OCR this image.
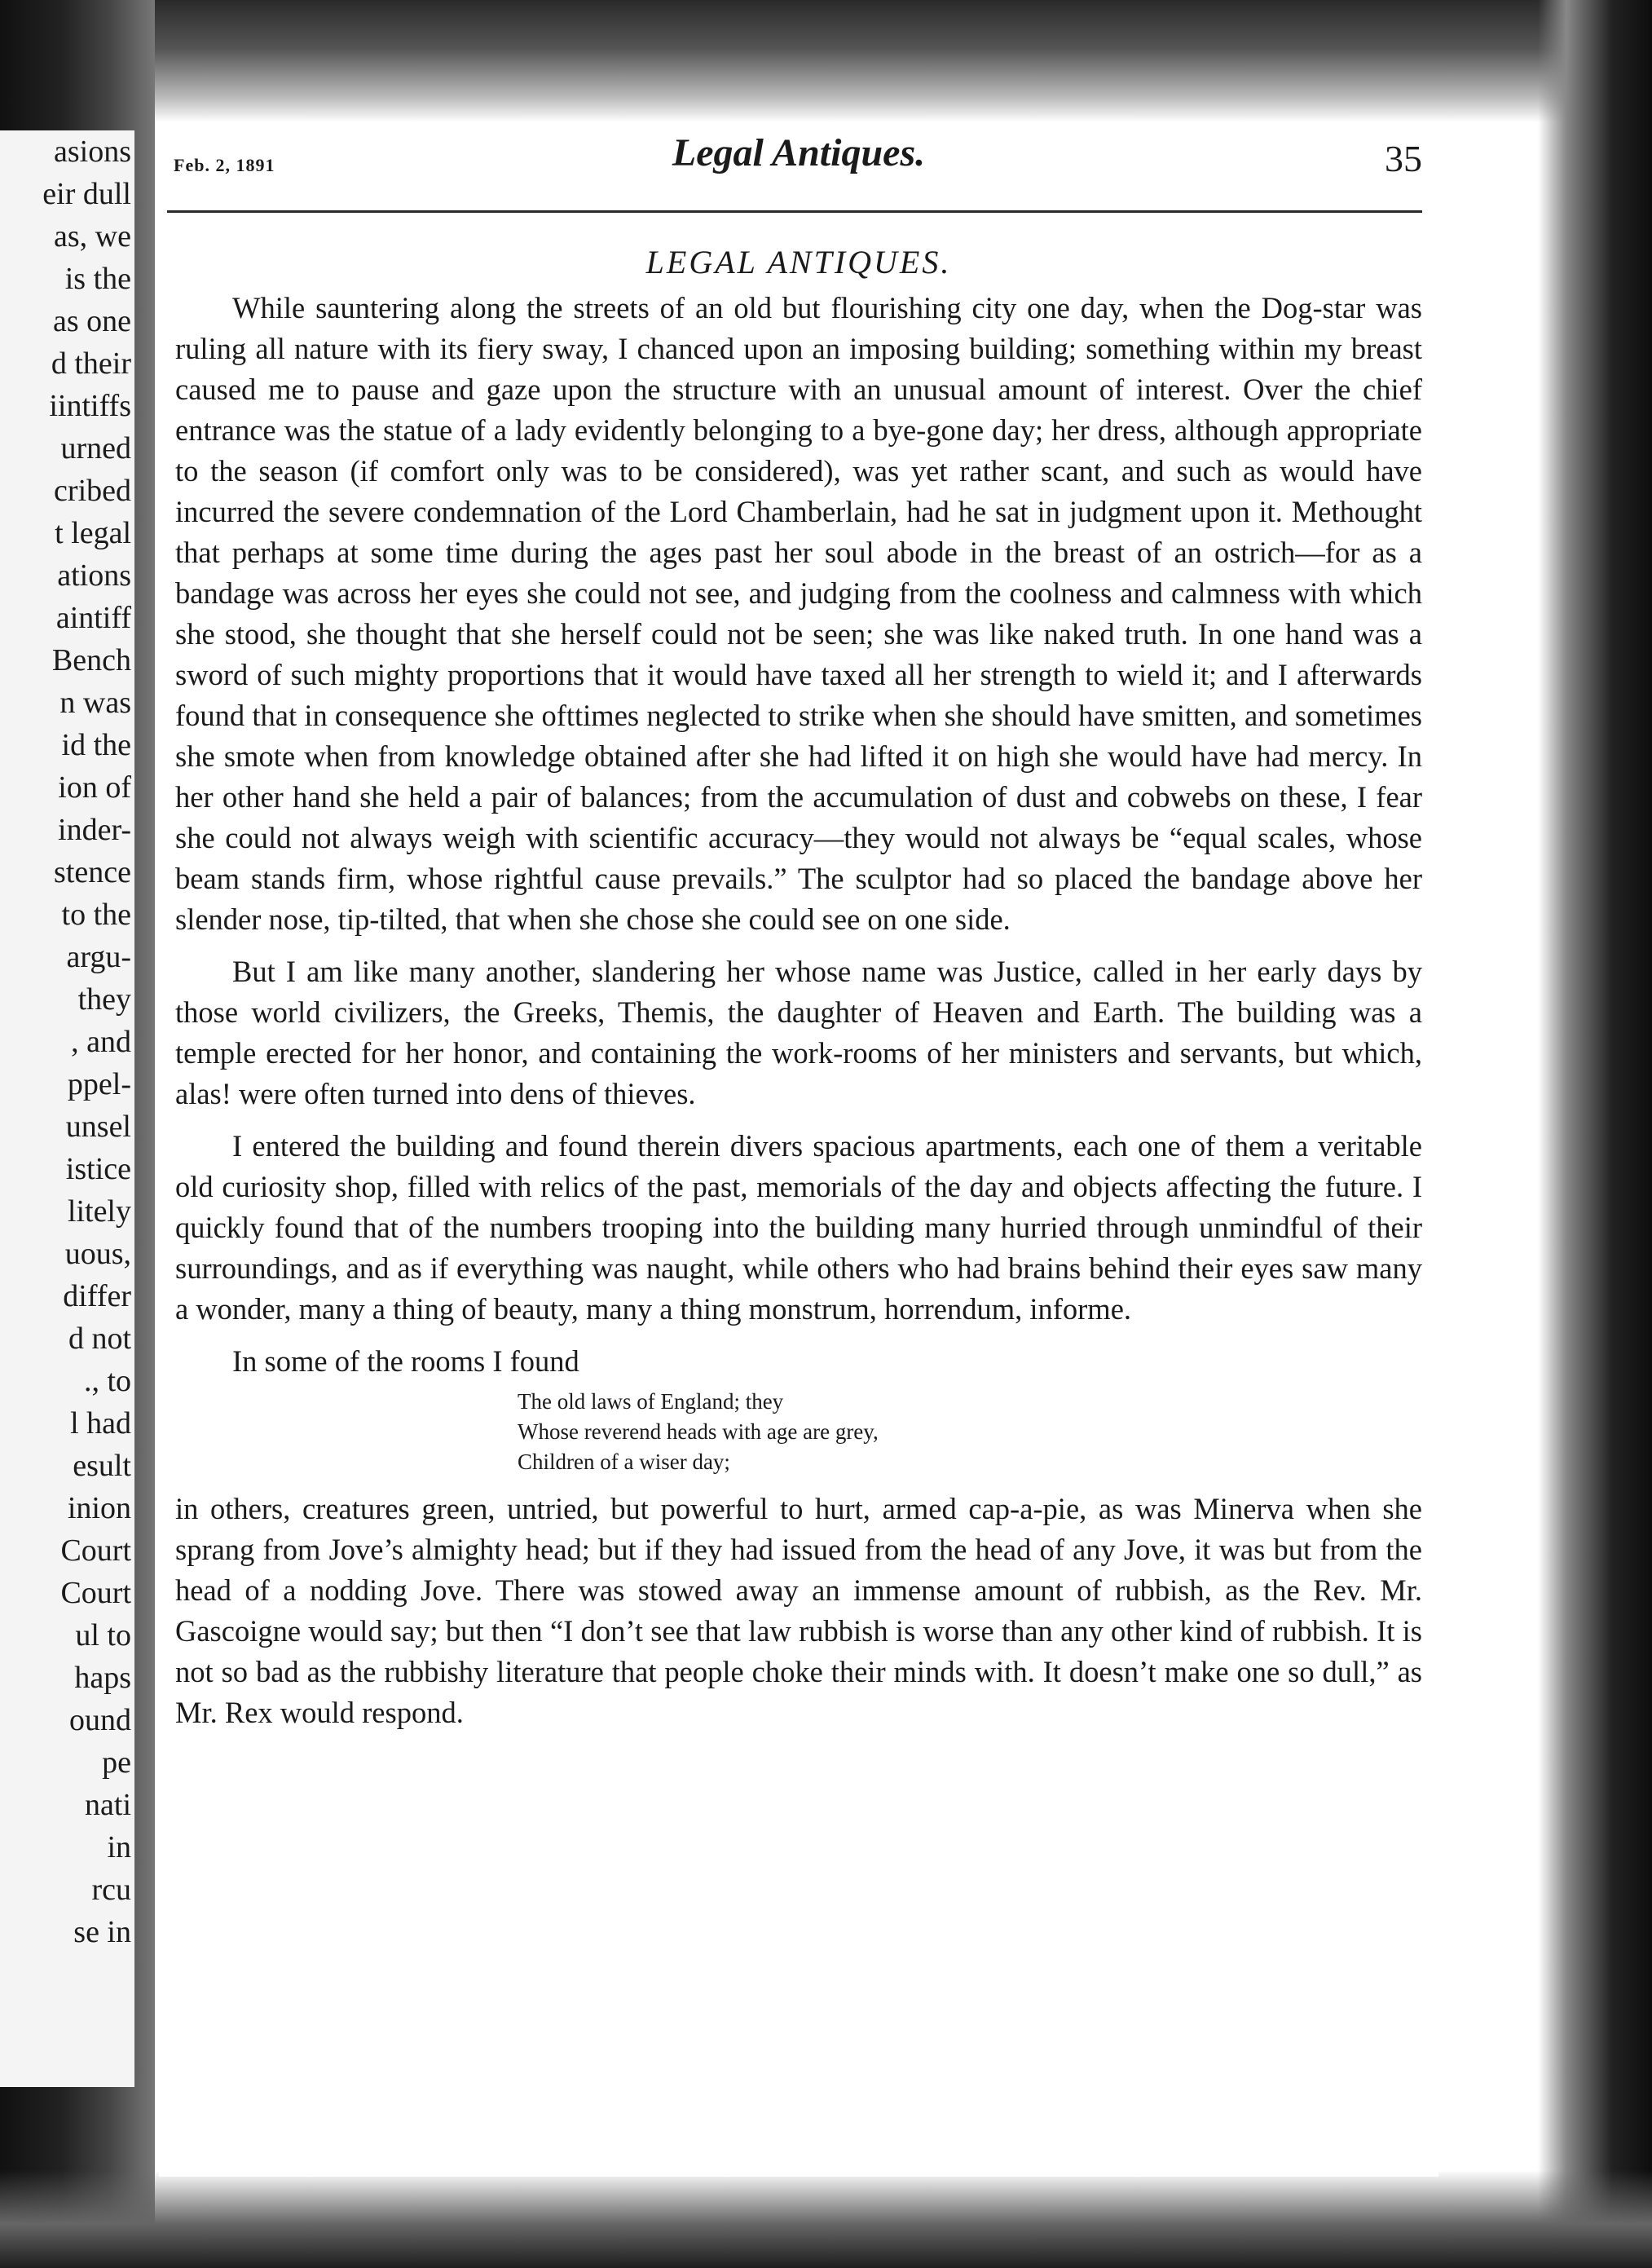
asions
eir dull
as, we
is the
as one
d their
iintiffs
urned
cribed
t legal
ations
aintiff
Bench
n was
id the
ion of
inder-
stence
to the
argu-
they
, and
ppel-
unsel
istice
litely
uous,
differ
d not
., to
l had
esult
inion
Court
Court
ul to
haps
ound
pe
nati
in
rcu
se in
Feb. 2, 1891	Legal Antiques.	35
LEGAL ANTIQUES.

While sauntering along the streets of an old but flourishing city one day, when the Dog-star was ruling all nature with its fiery sway, I chanced upon an imposing building; something within my breast caused me to pause and gaze upon the structure with an unusual amount of interest. Over the chief entrance was the statue of a lady evidently belonging to a bye-gone day; her dress, although appropriate to the season (if comfort only was to be considered), was yet rather scant, and such as would have incurred the severe condemnation of the Lord Chamberlain, had he sat in judgment upon it. Methought that perhaps at some time during the ages past her soul abode in the breast of an ostrich—for as a bandage was across her eyes she could not see, and judging from the coolness and calmness with which she stood, she thought that she herself could not be seen; she was like naked truth. In one hand was a sword of such mighty proportions that it would have taxed all her strength to wield it; and I afterwards found that in consequence she ofttimes neglected to strike when she should have smitten, and sometimes she smote when from knowledge obtained after she had lifted it on high she would have had mercy. In her other hand she held a pair of balances; from the accumulation of dust and cobwebs on these, I fear she could not always weigh with scientific accuracy—they would not always be “equal scales, whose beam stands firm, whose rightful cause prevails.” The sculptor had so placed the bandage above her slender nose, tip-tilted, that when she chose she could see on one side.

But I am like many another, slandering her whose name was Justice, called in her early days by those world civilizers, the Greeks, Themis, the daughter of Heaven and Earth. The building was a temple erected for her honor, and containing the work-rooms of her ministers and servants, but which, alas! were often turned into dens of thieves.

I entered the building and found therein divers spacious apartments, each one of them a veritable old curiosity shop, filled with relics of the past, memorials of the day and objects affecting the future. I quickly found that of the numbers trooping into the building many hurried through unmindful of their surroundings, and as if everything was naught, while others who had brains behind their eyes saw many a wonder, many a thing of beauty, many a thing monstrum, horrendum, informe.

In some of the rooms I found

The old laws of England; they
Whose reverend heads with age are grey,
Children of a wiser day;

in others, creatures green, untried, but powerful to hurt, armed cap-a-pie, as was Minerva when she sprang from Jove’s almighty head; but if they had issued from the head of any Jove, it was but from the head of a nodding Jove. There was stowed away an immense amount of rubbish, as the Rev. Mr. Gascoigne would say; but then “I don’t see that law rubbish is worse than any other kind of rubbish. It is not so bad as the rubbishy literature that people choke their minds with. It doesn’t make one so dull,” as Mr. Rex would respond.
